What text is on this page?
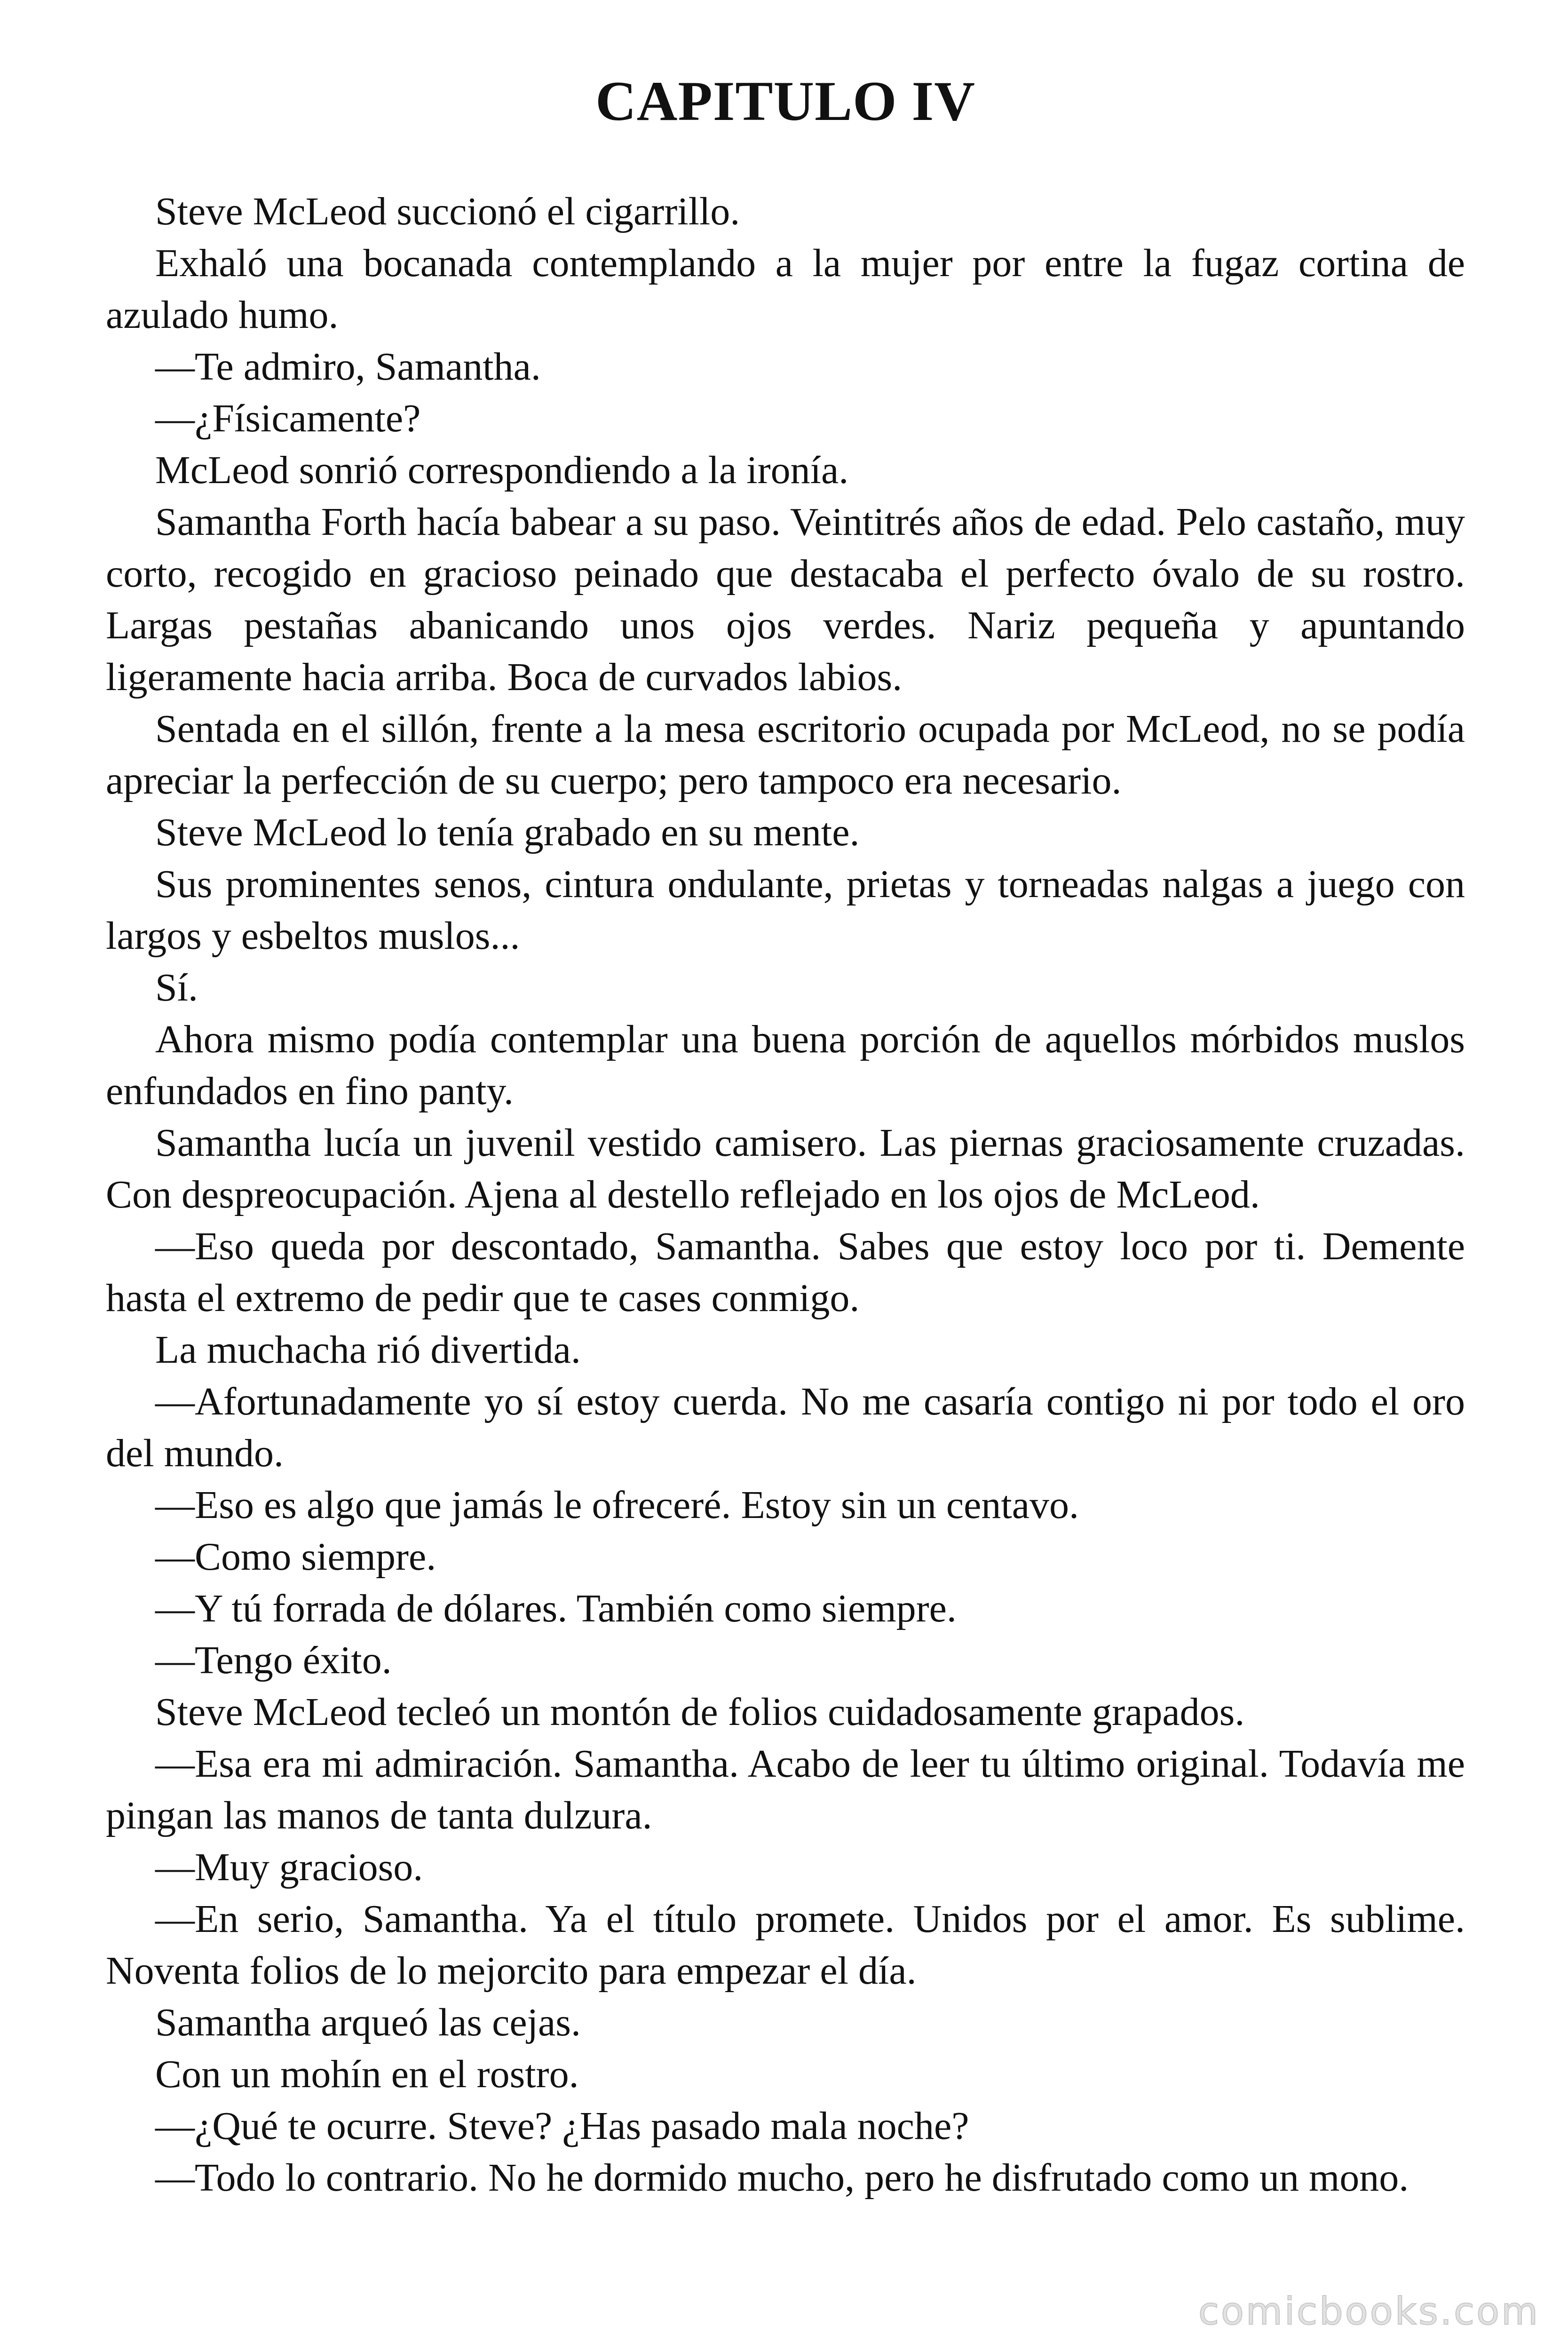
CAPITULO IV

Steve McLeod succionó el cigarrillo.

Exhaló una bocanada contemplando a la mujer por entre la fugaz cortina de azulado humo.

—Te admiro, Samantha.

—¿Físicamente?

McLeod sonrió correspondiendo a la ironía.

Samantha Forth hacía babear a su paso. Veintitrés años de edad. Pelo castaño, muy corto, recogido en gracioso peinado que destacaba el perfecto óvalo de su rostro. Largas pestañas abanicando unos ojos verdes. Nariz pequeña y apuntando ligeramente hacia arriba. Boca de curvados labios.

Sentada en el sillón, frente a la mesa escritorio ocupada por McLeod, no se podía apreciar la perfección de su cuerpo; pero tampoco era necesario.

Steve McLeod lo tenía grabado en su mente.

Sus prominentes senos, cintura ondulante, prietas y torneadas nalgas a juego con largos y esbeltos muslos...

Sí.

Ahora mismo podía contemplar una buena porción de aquellos mórbidos muslos enfundados en fino panty.

Samantha lucía un juvenil vestido camisero. Las piernas graciosamente cruzadas. Con despreocupación. Ajena al destello reflejado en los ojos de McLeod.

—Eso queda por descontado, Samantha. Sabes que estoy loco por ti. Demente hasta el extremo de pedir que te cases conmigo.

La muchacha rió divertida.

—Afortunadamente yo sí estoy cuerda. No me casaría contigo ni por todo el oro del mundo.

—Eso es algo que jamás le ofreceré. Estoy sin un centavo.

—Como siempre.

—Y tú forrada de dólares. También como siempre.

—Tengo éxito.

Steve McLeod tecleó un montón de folios cuidadosamente grapados.

—Esa era mi admiración. Samantha. Acabo de leer tu último original. Todavía me pingan las manos de tanta dulzura.

—Muy gracioso.

—En serio, Samantha. Ya el título promete. Unidos por el amor. Es sublime. Noventa folios de lo mejorcito para empezar el día.

Samantha arqueó las cejas.

Con un mohín en el rostro.

—¿Qué te ocurre. Steve? ¿Has pasado mala noche?

—Todo lo contrario. No he dormido mucho, pero he disfrutado como un mono.

comicbooks.com
